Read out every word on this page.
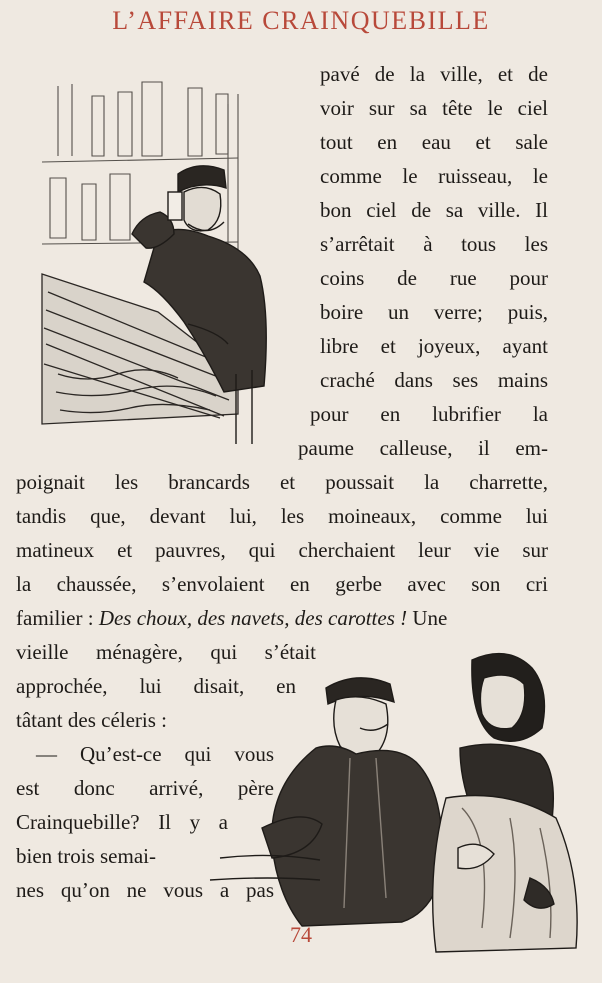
L’AFFAIRE CRAINQUEBILLE
pavé de la ville, et de
voir sur sa tête le ciel
tout en eau et sale
comme le ruisseau, le
bon ciel de sa ville. Il
s’arrêtait à tous les
coins de rue pour
boire un verre; puis,
libre et joyeux, ayant
craché dans ses mains
pour en lubrifier la
paume calleuse, il em-
poignait les brancards et poussait la charrette,
tandis que, devant lui, les moineaux, comme lui
matineux et pauvres, qui cherchaient leur vie sur
la chaussée, s’envolaient en gerbe avec son cri
familier : Des choux, des navets, des carottes ! Une
vieille ménagère, qui s’était
approchée, lui disait, en
tâtant des céleris :
— Qu’est-ce qui vous
est donc arrivé, père
Crainquebille? Il y a
bien trois semai-
nes qu’on ne vous a pas
74
